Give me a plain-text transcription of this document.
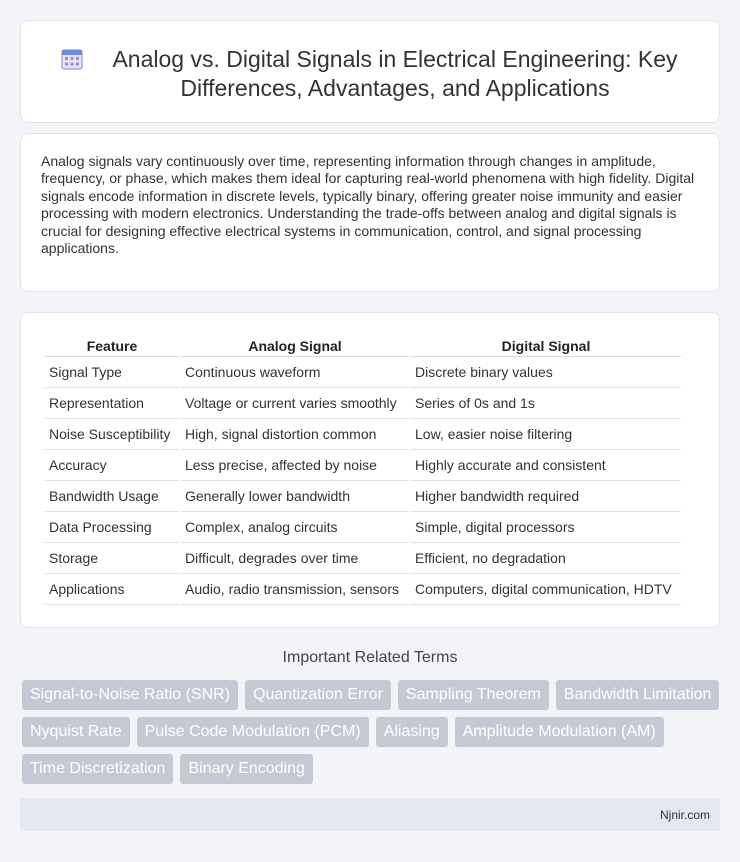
Analog vs. Digital Signals in Electrical Engineering: Key Differences, Advantages, and Applications

Analog signals vary continuously over time, representing information through changes in amplitude, frequency, or phase, which makes them ideal for capturing real-world phenomena with high fidelity. Digital signals encode information in discrete levels, typically binary, offering greater noise immunity and easier processing with modern electronics. Understanding the trade-offs between analog and digital signals is crucial for designing effective electrical systems in communication, control, and signal processing applications.

Feature	Analog Signal	Digital Signal
Signal Type	Continuous waveform	Discrete binary values
Representation	Voltage or current varies smoothly	Series of 0s and 1s
Noise Susceptibility	High, signal distortion common	Low, easier noise filtering
Accuracy	Less precise, affected by noise	Highly accurate and consistent
Bandwidth Usage	Generally lower bandwidth	Higher bandwidth required
Data Processing	Complex, analog circuits	Simple, digital processors
Storage	Difficult, degrades over time	Efficient, no degradation
Applications	Audio, radio transmission, sensors	Computers, digital communication, HDTV
Important Related Terms
Signal-to-Noise Ratio (SNR)	Quantization Error	Sampling Theorem	Bandwidth Limitation
Nyquist Rate	Pulse Code Modulation (PCM)	Aliasing	Amplitude Modulation (AM)
Time Discretization	Binary Encoding
Njnir.com
